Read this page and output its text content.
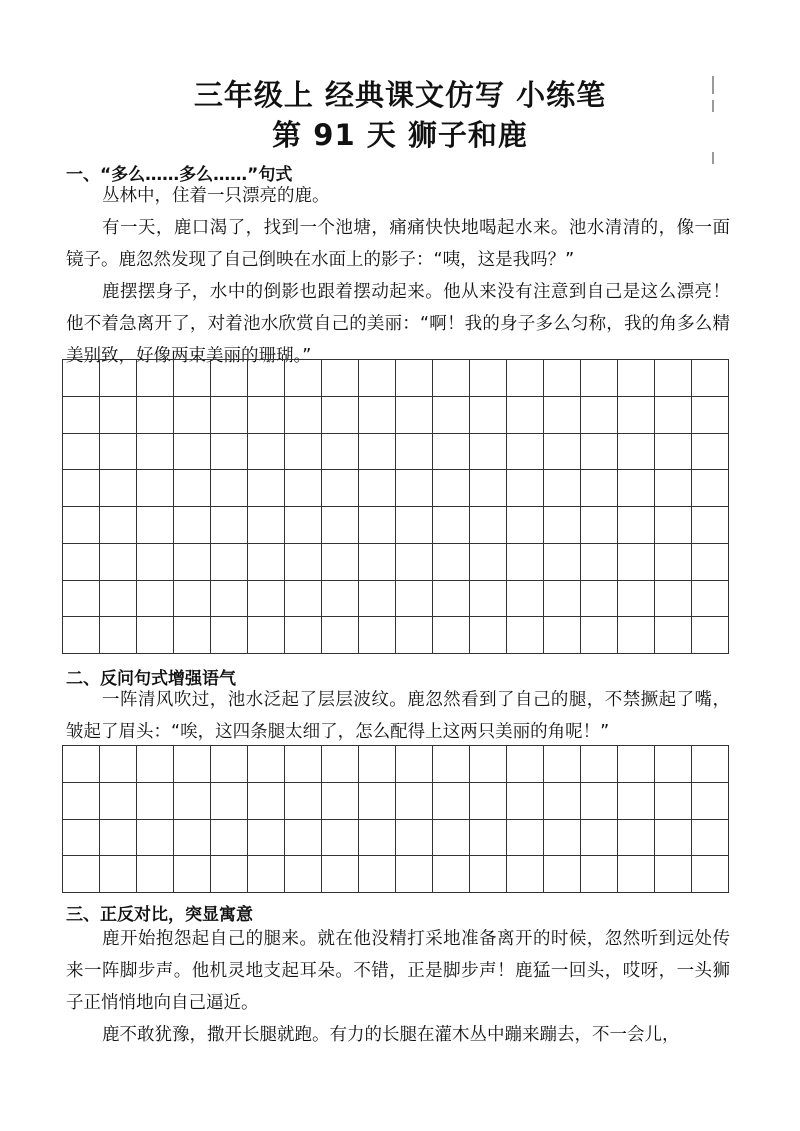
三年级上 经典课文仿写 小练笔
第 91 天 狮子和鹿
一、“多么……多么……”句式
丛林中，住着一只漂亮的鹿。
有一天，鹿口渴了，找到一个池塘，痛痛快快地喝起水来。池水清清的，像一面镜子。鹿忽然发现了自己倒映在水面上的影子：“咦，这是我吗？”
鹿摆摆身子，水中的倒影也跟着摆动起来。他从来没有注意到自己是这么漂亮！他不着急离开了，对着池水欣赏自己的美丽：“啊！我的身子多么匀称，我的角多么精美别致，好像两束美丽的珊瑚。”
二、反问句式增强语气
一阵清风吹过，池水泛起了层层波纹。鹿忽然看到了自己的腿，不禁撅起了嘴，皱起了眉头：“唉，这四条腿太细了，怎么配得上这两只美丽的角呢！”
三、正反对比，突显寓意
鹿开始抱怨起自己的腿来。就在他没精打采地准备离开的时候，忽然听到远处传来一阵脚步声。他机灵地支起耳朵。不错，正是脚步声！鹿猛一回头，哎呀，一头狮子正悄悄地向自己逼近。
鹿不敢犹豫，撒开长腿就跑。有力的长腿在灌木丛中蹦来蹦去，不一会儿，
